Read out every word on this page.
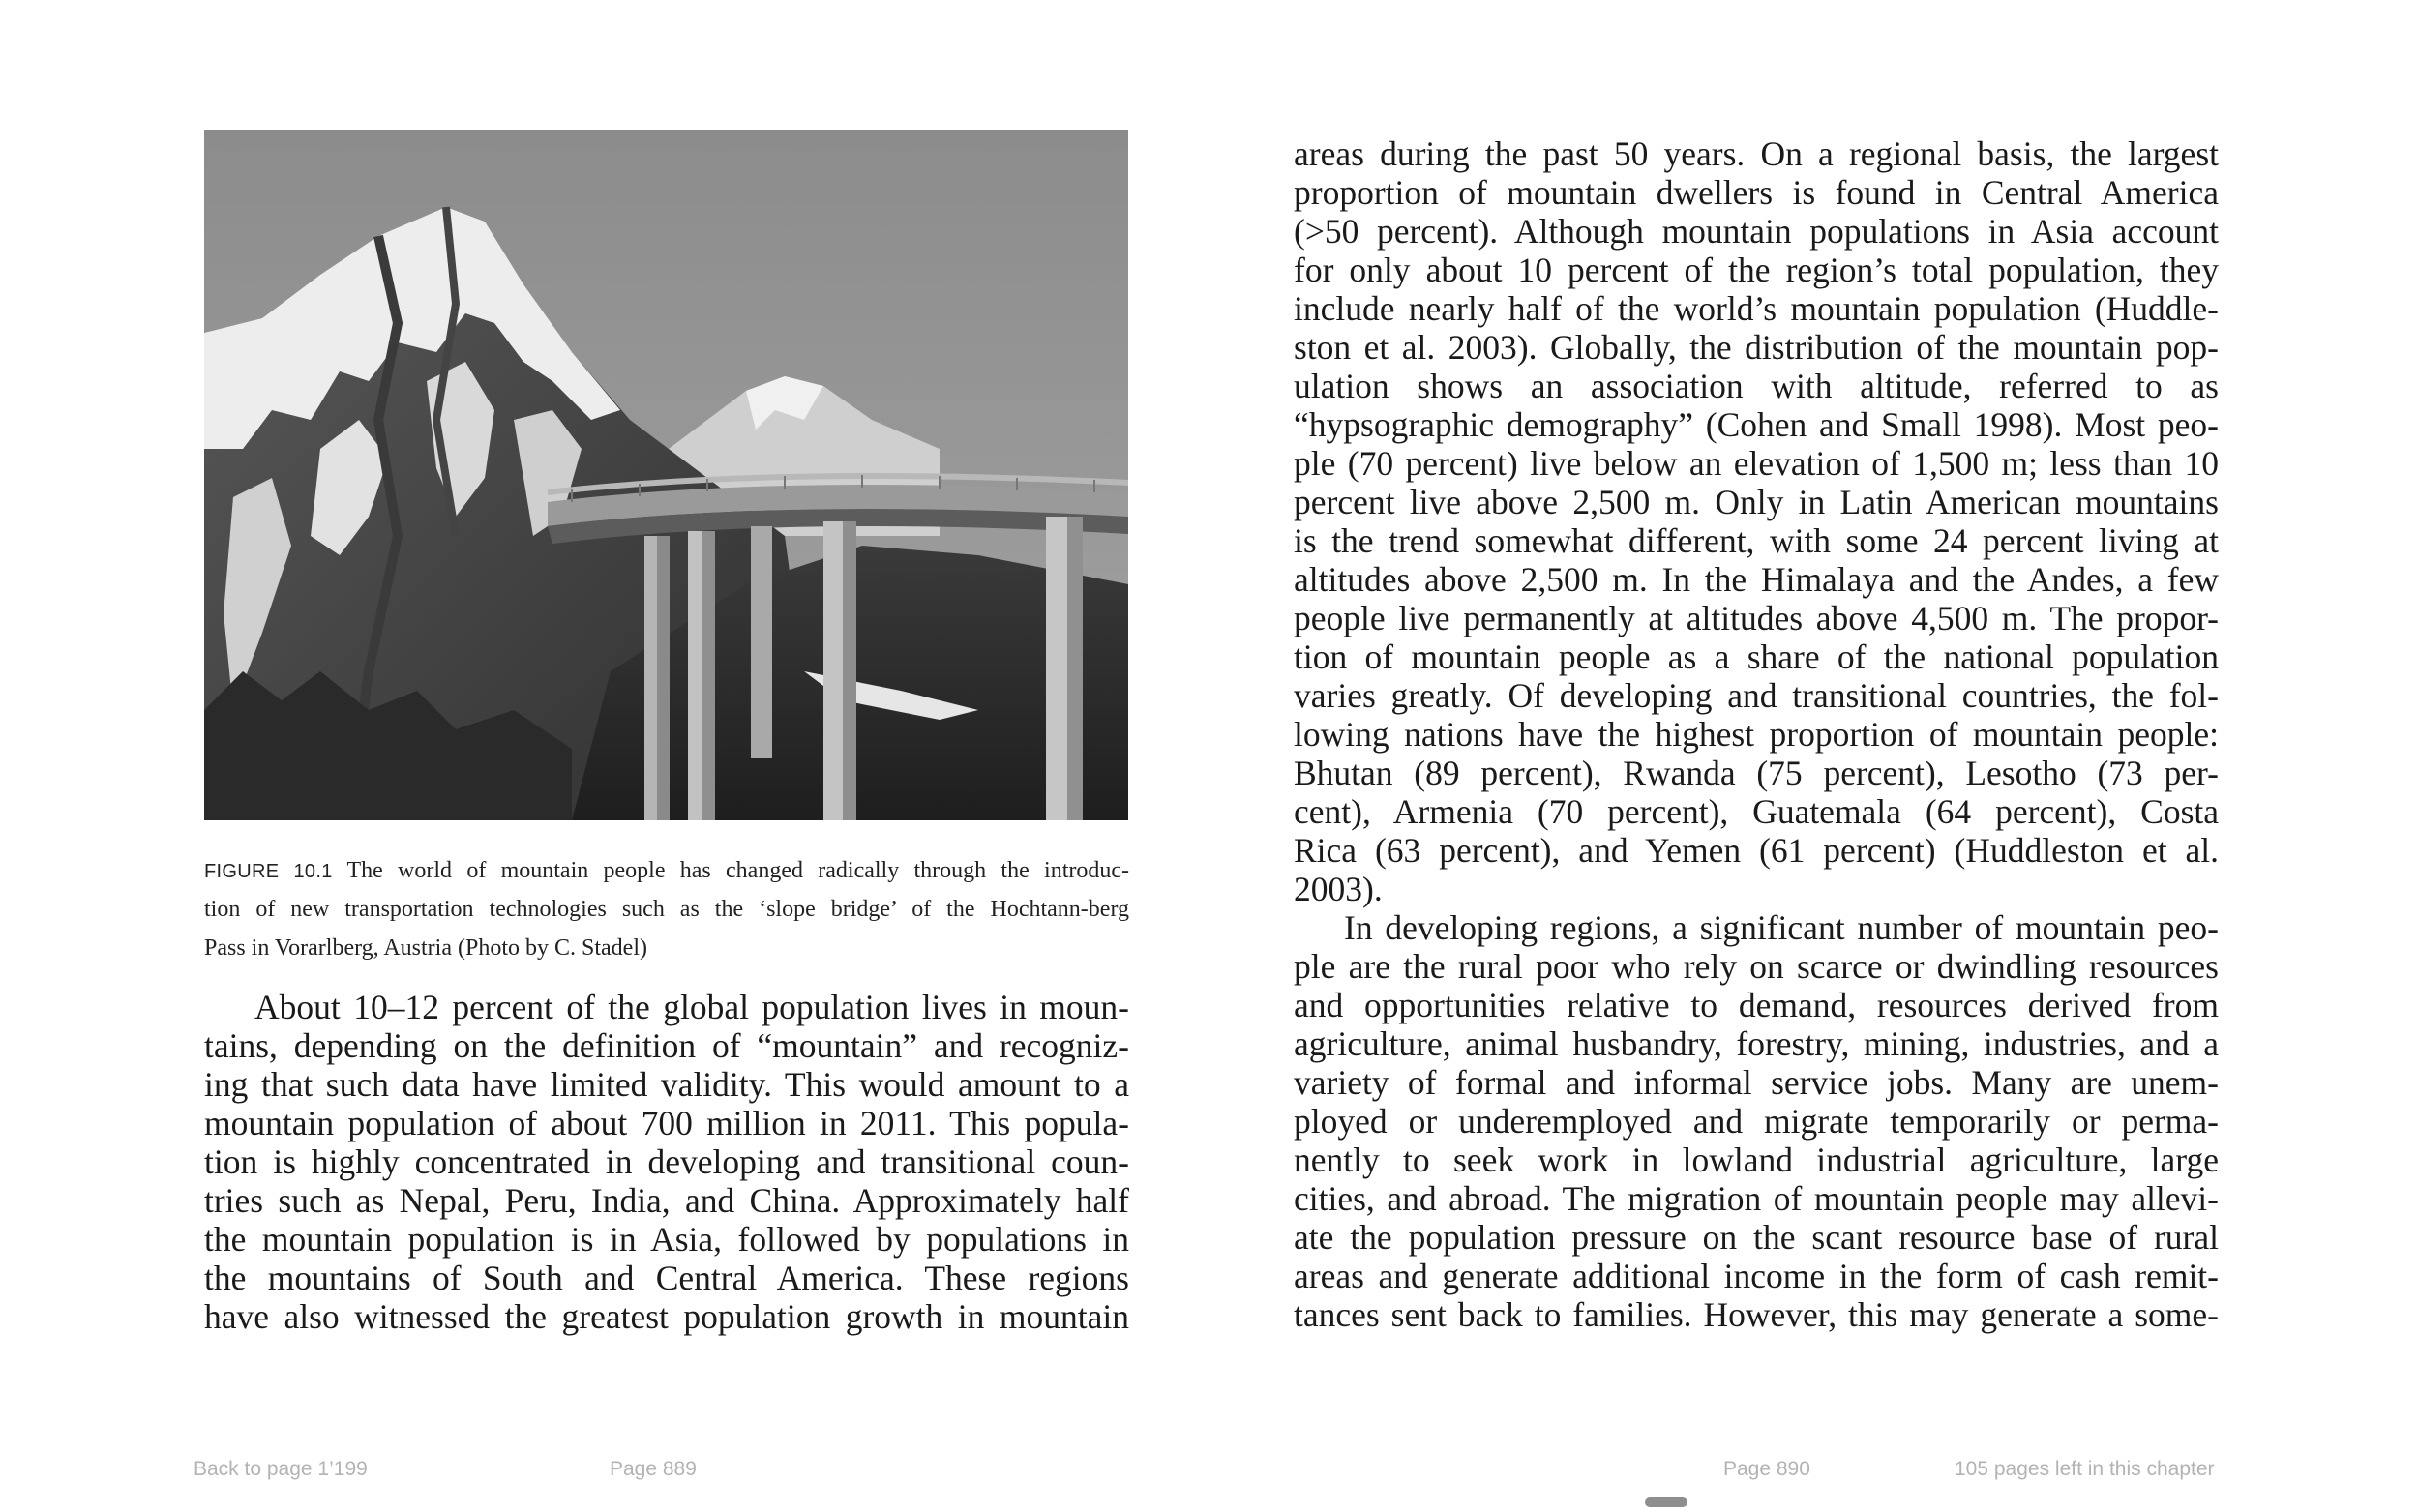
FIGURE 10.1 The world of mountain people has changed radically through the introduc-
tion of new transportation technologies such as the ‘slope bridge’ of the Hochtann-berg
Pass in Vorarlberg, Austria (Photo by C. Stadel)
About 10–12 percent of the global population lives in moun-
tains, depending on the definition of “mountain” and recogniz-
ing that such data have limited validity. This would amount to a
mountain population of about 700 million in 2011. This popula-
tion is highly concentrated in developing and transitional coun-
tries such as Nepal, Peru, India, and China. Approximately half
the mountain population is in Asia, followed by populations in
the mountains of South and Central America. These regions
have also witnessed the greatest population growth in mountain
Back to page 1’199	Page 889
areas during the past 50 years. On a regional basis, the largest
proportion of mountain dwellers is found in Central America
(>50 percent). Although mountain populations in Asia account
for only about 10 percent of the region’s total population, they
include nearly half of the world’s mountain population (Huddle-
ston et al. 2003). Globally, the distribution of the mountain pop-
ulation shows an association with altitude, referred to as
“hypsographic demography” (Cohen and Small 1998). Most peo-
ple (70 percent) live below an elevation of 1,500 m; less than 10
percent live above 2,500 m. Only in Latin American mountains
is the trend somewhat different, with some 24 percent living at
altitudes above 2,500 m. In the Himalaya and the Andes, a few
people live permanently at altitudes above 4,500 m. The propor-
tion of mountain people as a share of the national population
varies greatly. Of developing and transitional countries, the fol-
lowing nations have the highest proportion of mountain people:
Bhutan (89 percent), Rwanda (75 percent), Lesotho (73 per-
cent), Armenia (70 percent), Guatemala (64 percent), Costa
Rica (63 percent), and Yemen (61 percent) (Huddleston et al.
2003).
In developing regions, a significant number of mountain peo-
ple are the rural poor who rely on scarce or dwindling resources
and opportunities relative to demand, resources derived from
agriculture, animal husbandry, forestry, mining, industries, and a
variety of formal and informal service jobs. Many are unem-
ployed or underemployed and migrate temporarily or perma-
nently to seek work in lowland industrial agriculture, large
cities, and abroad. The migration of mountain people may allevi-
ate the population pressure on the scant resource base of rural
areas and generate additional income in the form of cash remit-
tances sent back to families. However, this may generate a some-
Page 890	105 pages left in this chapter
